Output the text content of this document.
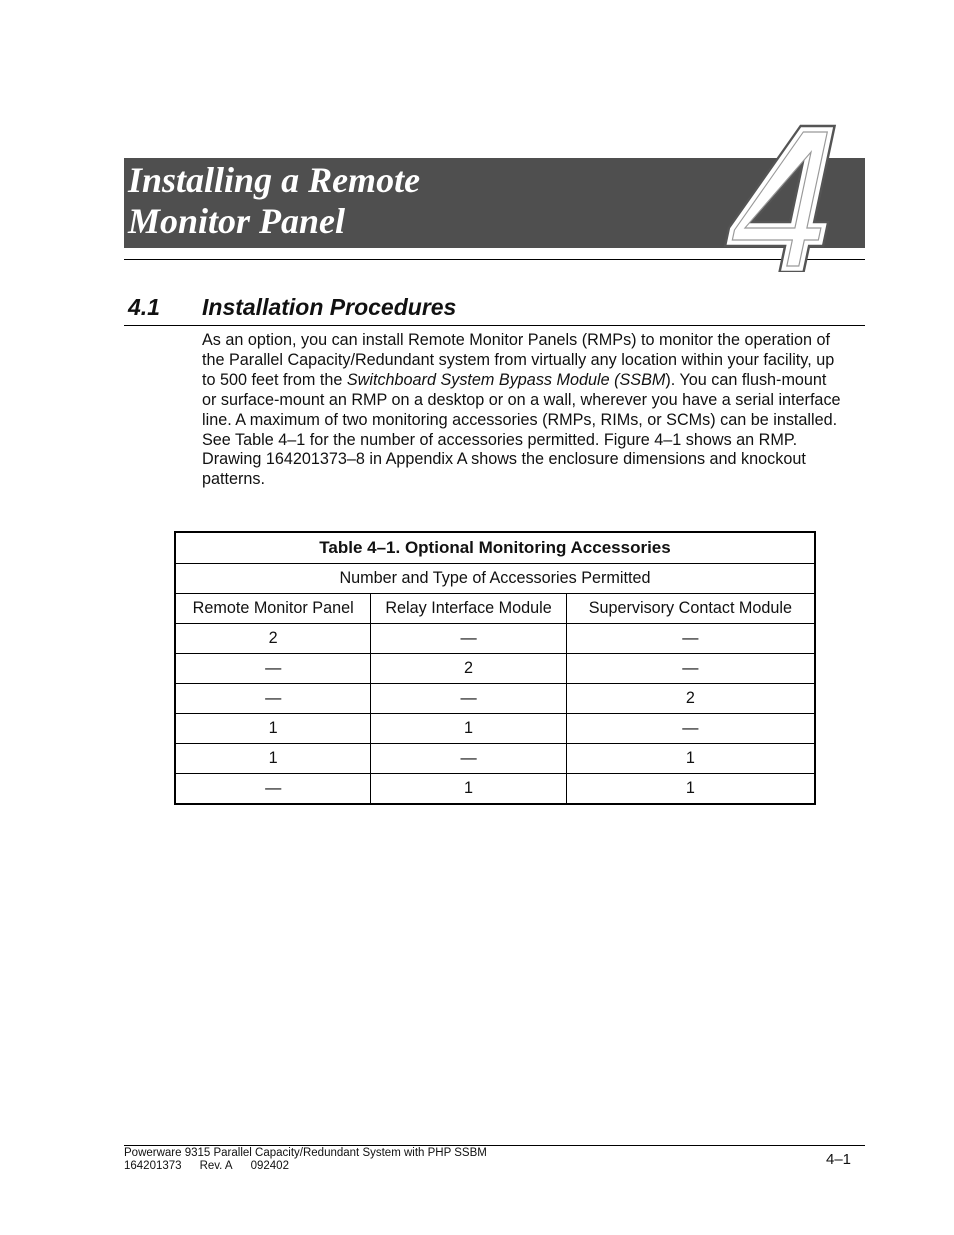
Installing a Remote
Monitor Panel
4
4.1 Installation Procedures
As an option, you can install Remote Monitor Panels (RMPs) to monitor the operation of the Parallel Capacity/Redundant system from virtually any location within your facility, up to 500 feet from the Switchboard System Bypass Module (SSBM). You can flush-mount or surface-mount an RMP on a desktop or on a wall, wherever you have a serial interface line. A maximum of two monitoring accessories (RMPs, RIMs, or SCMs) can be installed. See Table 4–1 for the number of accessories permitted. Figure 4–1 shows an RMP. Drawing 164201373–8 in Appendix A shows the enclosure dimensions and knockout patterns.
Table 4–1. Optional Monitoring Accessories		
Number and Type of Accessories Permitted		
Remote Monitor Panel	Relay Interface Module	Supervisory Contact Module
2	—	—
—	2	—
—	—	2
1	1	—
1	—	1
—	1	1
Powerware 9315 Parallel Capacity/Redundant System with PHP SSBM
164201373 Rev. A 092402	4–1
